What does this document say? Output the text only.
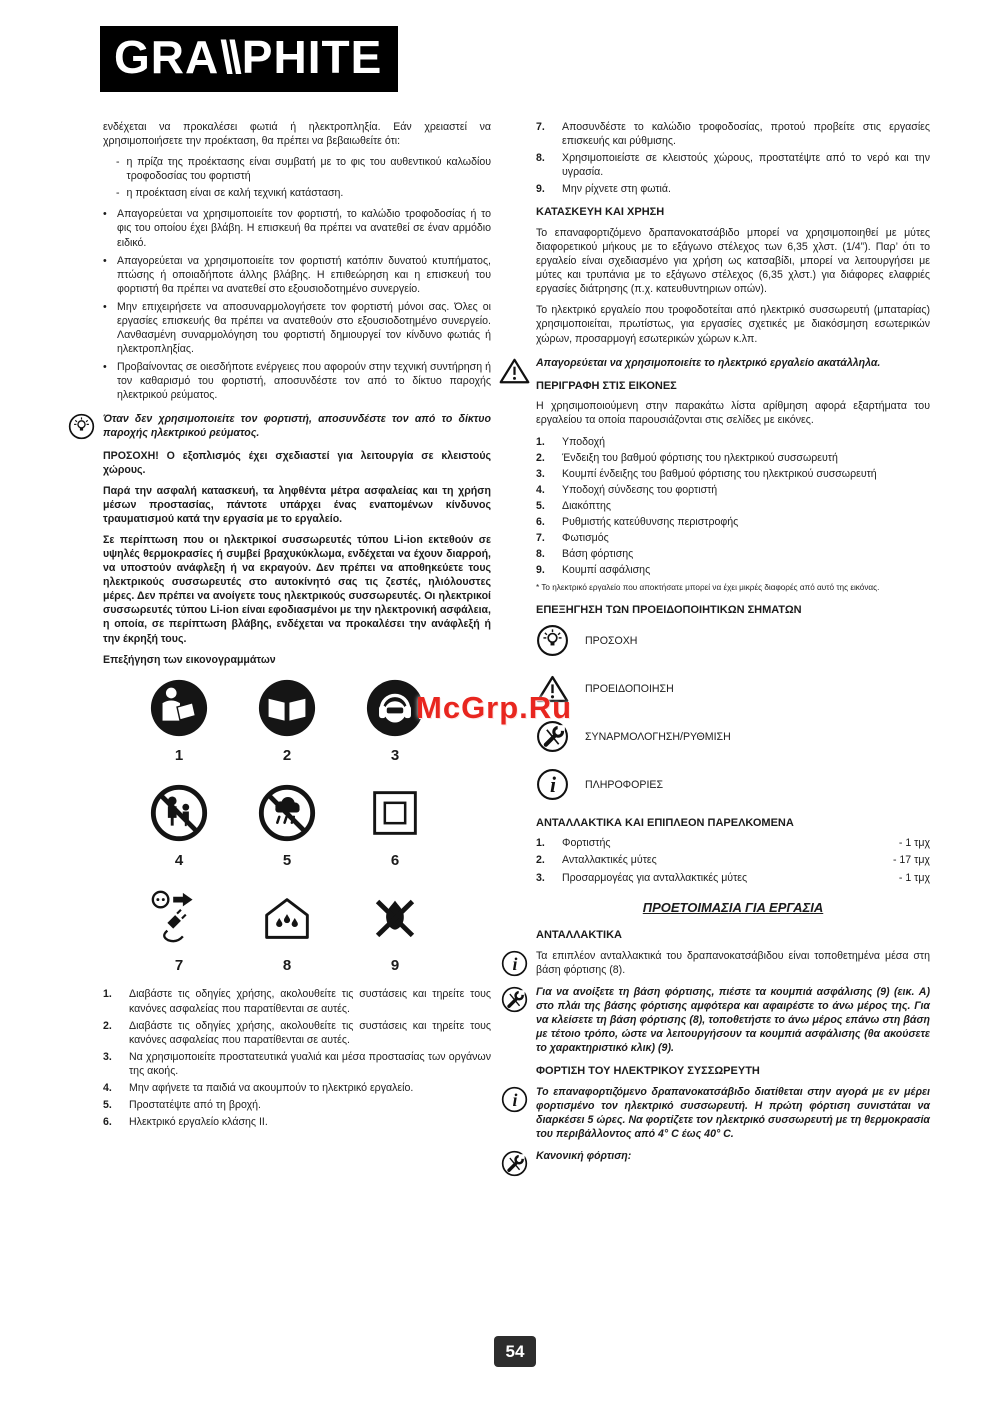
GRA\\PHITE

ενδέχεται να προκαλέσει φωτιά ή ηλεκτροπληξία. Εάν χρειαστεί να χρησιμοποιήσετε την προέκταση, θα πρέπει να βεβαιωθείτε ότι:

- η πρίζα της προέκτασης είναι συμβατή με το φις του αυθεντικού καλωδίου τροφοδοσίας του φορτιστή
- η προέκταση είναι σε καλή τεχνική κατάσταση.
• Απαγορεύεται να χρησιμοποιείτε τον φορτιστή, το καλώδιο τροφοδοσίας ή το φις του οποίου έχει βλάβη. Η επισκευή θα πρέπει να ανατεθεί σε έναν αρμόδιο ειδικό.
• Απαγορεύεται να χρησιμοποιείτε τον φορτιστή κατόπιν δυνατού κτυπήματος, πτώσης ή οποιαδήποτε άλλης βλάβης. Η επιθεώρηση και η επισκευή του φορτιστή θα πρέπει να ανατεθεί στο εξουσιοδοτημένο συνεργείο.
• Μην επιχειρήσετε να αποσυναρμολογήσετε τον φορτιστή μόνοι σας. Όλες οι εργασίες επισκευής θα πρέπει να ανατεθούν στο εξουσιοδοτημένο συνεργείο. Λανθασμένη συναρμολόγηση του φορτιστή δημιουργεί τον κίνδυνο φωτιάς ή ηλεκτροπληξίας.
• Προβαίνοντας σε οιεσδήποτε ενέργειες που αφορούν στην τεχνική συντήρηση ή τον καθαρισμό του φορτιστή, αποσυνδέστε τον από το δίκτυο παροχής ηλεκτρικού ρεύματος.

Όταν δεν χρησιμοποιείτε τον φορτιστή, αποσυνδέστε τον από το δίκτυο παροχής ηλεκτρικού ρεύματος.

ΠΡΟΣΟΧΗ! Ο εξοπλισμός έχει σχεδιαστεί για λειτουργία σε κλειστούς χώρους.

Παρά την ασφαλή κατασκευή, τα ληφθέντα μέτρα ασφαλείας και τη χρήση μέσων προστασίας, πάντοτε υπάρχει ένας εναπομένων κίνδυνος τραυματισμού κατά την εργασία με το εργαλείο.

Σε περίπτωση που οι ηλεκτρικοί συσσωρευτές τύπου Li-ion εκτεθούν σε υψηλές θερμοκρασίες ή συμβεί βραχυκύκλωμα, ενδέχεται να έχουν διαρροή, να υποστούν ανάφλεξη ή να εκραγούν. Δεν πρέπει να αποθηκεύετε τους ηλεκτρικούς συσσωρευτές στο αυτοκίνητό σας τις ζεστές, ηλιόλουστες μέρες. Δεν πρέπει να ανοίγετε τους ηλεκτρικούς συσσωρευτές. Οι ηλεκτρικοί συσσωρευτές τύπου Li-ion είναι εφοδιασμένοι με την ηλεκτρονική ασφάλεια, η οποία, σε περίπτωση βλάβης, ενδέχεται να προκαλέσει την ανάφλεξή ή την έκρηξή τους.

Επεξήγηση των εικονογραμμάτων

1	2	3
4	5	6
7	8	9
1.	Διαβάστε τις οδηγίες χρήσης, ακολουθείτε τις συστάσεις και τηρείτε τους κανόνες ασφαλείας που παρατίθενται σε αυτές.
2.	Διαβάστε τις οδηγίες χρήσης, ακολουθείτε τις συστάσεις και τηρείτε τους κανόνες ασφαλείας που παρατίθενται σε αυτές.
3.	Να χρησιμοποιείτε προστατευτικά γυαλιά και μέσα προστασίας των οργάνων της ακοής.
4.	Μην αφήνετε τα παιδιά να ακουμπούν το ηλεκτρικό εργαλείο.
5.	Προστατέψτε από τη βροχή.
6.	Ηλεκτρικό εργαλείο κλάσης II.
7.	Αποσυνδέστε το καλώδιο τροφοδοσίας, προτού προβείτε στις εργασίες επισκευής και ρύθμισης.
8.	Χρησιμοποιείστε σε κλειστούς χώρους, προστατέψτε από το νερό και την υγρασία.
9.	Μην ρίχνετε στη φωτιά.
ΚΑΤΑΣΚΕΥΗ ΚΑΙ ΧΡΗΣΗ

Το επαναφορτιζόμενο δραπανοκατσάβιδο μπορεί να χρησιμοποιηθεί με μύτες διαφορετικού μήκους με το εξάγωνο στέλεχος των 6,35 χλστ. (1/4”). Παρ’ ότι το εργαλείο είναι σχεδιασμένο για χρήση ως κατσαβίδι, μπορεί να λειτουργήσει με μύτες και τρυπάνια με το εξάγωνο στέλεχος (6,35 χλστ.) για διάφορες ελαφριές εργασίες διάτρησης (π.χ. κατευθυντηριων οπών).

Το ηλεκτρικό εργαλείο που τροφοδοτείται από ηλεκτρικό συσσωρευτή (μπαταρίας) χρησιμοποιείται, πρωτίστως, για εργασίες σχετικές με διακόσμηση εσωτερικών χώρων, προσαρμογή εσωτερικών χώρων κ.λπ.

Απαγορεύεται να χρησιμοποιείτε το ηλεκτρικό εργαλείο ακατάλληλα.

ΠΕΡΙΓΡΑΦΗ ΣΤΙΣ ΕΙΚΟΝΕΣ

Η χρησιμοποιούμενη στην παρακάτω λίστα αρίθμηση αφορά εξαρτήματα του εργαλείου τα οποία παρουσιάζονται στις σελίδες με εικόνες.

1.	Υποδοχή
2.	Ένδειξη του βαθμού φόρτισης του ηλεκτρικού συσσωρευτή
3.	Κουμπί ένδειξης του βαθμού φόρτισης του ηλεκτρικού συσσωρευτή
4.	Υποδοχή σύνδεσης του φορτιστή
5.	Διακόπτης
6.	Ρυθμιστής κατεύθυνσης περιστροφής
7.	Φωτισμός
8.	Βάση φόρτισης
9.	Κουμπί ασφάλισης

* Το ηλεκτρικό εργαλείο που αποκτήσατε μπορεί να έχει μικρές διαφορές από αυτό της εικόνας.

ΕΠΕΞΗΓΗΣΗ ΤΩΝ ΠΡΟΕΙΔΟΠΟΙΗΤΙΚΩΝ ΣΗΜΑΤΩΝ
ΠΡΟΣΟΧΗ
ΠΡΟΕΙΔΟΠΟΙΗΣΗ
ΣΥΝΑΡΜΟΛΟΓΗΣΗ/ΡΥΘΜΙΣΗ
ΠΛΗΡΟΦΟΡΙΕΣ
ΑΝΤΑΛΛΑΚΤΙΚΑ ΚΑΙ ΕΠΙΠΛΕΟΝ ΠΑΡΕΛΚΟΜΕΝΑ
1.	Φορτιστής	- 1 τμχ
2.	Ανταλλακτικές μύτες	- 17 τμχ
3.	Προσαρμογέας για ανταλλακτικές μύτες	- 1 τμχ
ΠΡΟΕΤΟΙΜΑΣΙΑ ΓΙΑ ΕΡΓΑΣΙΑ
ΑΝΤΑΛΛΑΚΤΙΚΑ

Τα επιπλέον ανταλλακτικά του δραπανοκατσάβιδου είναι τοποθετημένα μέσα στη βάση φόρτισης (8).

Για να ανοίξετε τη βάση φόρτισης, πιέστε τα κουμπιά ασφάλισης (9) (εικ. A) στο πλάι της βάσης φόρτισης αμφότερα και αφαιρέστε το άνω μέρος της. Για να κλείσετε τη βάση φόρτισης (8), τοποθετήστε το άνω μέρος επάνω στη βάση με τέτοιο τρόπο, ώστε να λειτουργήσουν τα κουμπιά ασφάλισης (θα ακούσετε το χαρακτηριστικό κλικ) (9).

ΦΟΡΤΙΣΗ ΤΟΥ ΗΛΕΚΤΡΙΚΟΥ ΣΥΣΣΩΡΕΥΤΗ

Το επαναφορτιζόμενο δραπανοκατσάβιδο διατίθεται στην αγορά με εν μέρει φορτισμένο τον ηλεκτρικό συσσωρευτή. Η πρώτη φόρτιση συνιστάται να διαρκέσει 5 ώρες. Να φορτίζετε τον ηλεκτρικό συσσωρευτή με τη θερμοκρασία του περιβάλλοντος από 4° C έως 40° C.

Κανονική φόρτιση:

McGrp.Ru
54
